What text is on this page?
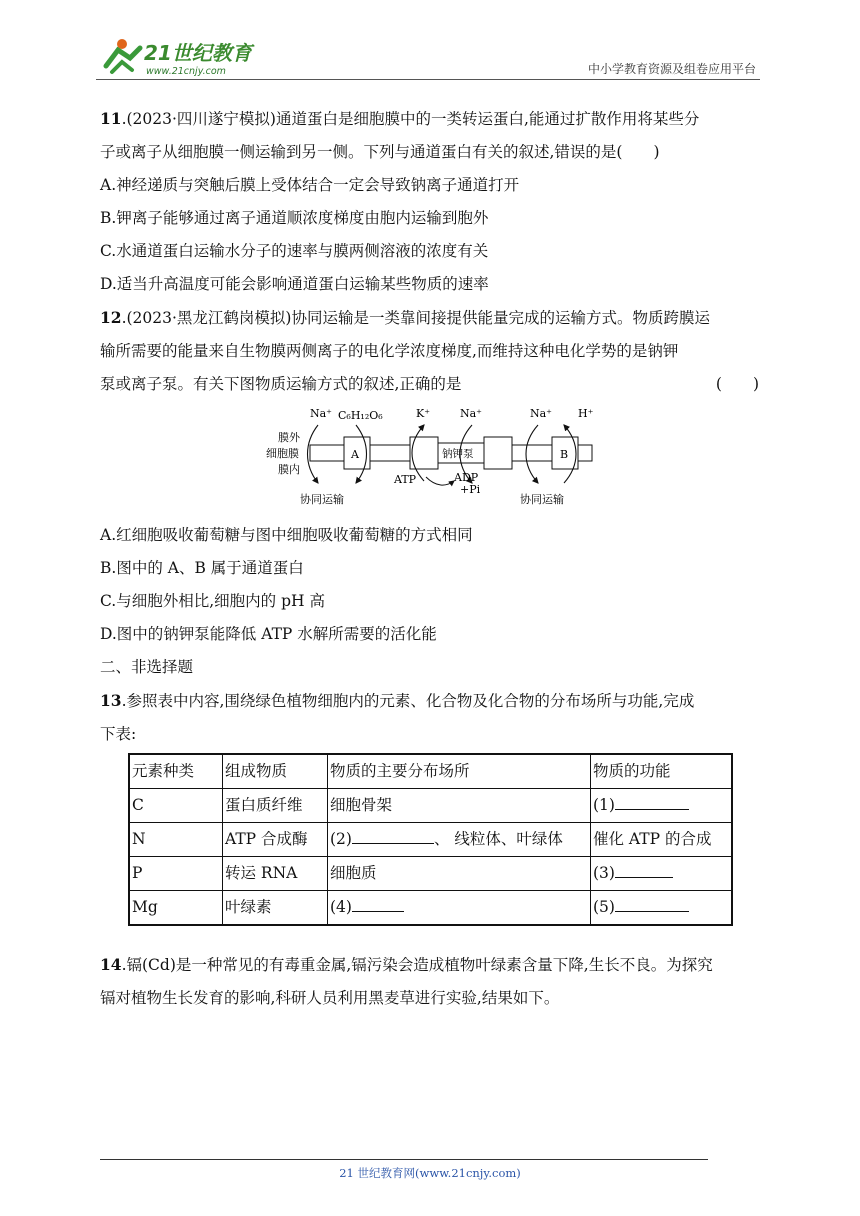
21世纪教育
www.21cnjy.com	中小学教育资源及组卷应用平台
11.(2023·四川遂宁模拟)通道蛋白是细胞膜中的一类转运蛋白,能通过扩散作用将某些分
子或离子从细胞膜一侧运输到另一侧。下列与通道蛋白有关的叙述,错误的是(　　)
A.神经递质与突触后膜上受体结合一定会导致钠离子通道打开
B.钾离子能够通过离子通道顺浓度梯度由胞内运输到胞外
C.水通道蛋白运输水分子的速率与膜两侧溶液的浓度有关
D.适当升高温度可能会影响通道蛋白运输某些物质的速率
12.(2023·黑龙江鹤岗模拟)协同运输是一类靠间接提供能量完成的运输方式。物质跨膜运
输所需要的能量来自生物膜两侧离子的电化学浓度梯度,而维持这种电化学势的是钠钾
泵或离子泵。有关下图物质运输方式的叙述,正确的是	(　　)
膜外
细胞膜
膜内
A	钠钾泵	B
Na⁺ C₆H₁₂O₆	K⁺	Na⁺	Na⁺ H⁺
ATP	ADP
+Pi
协同运输	协同运输
A.红细胞吸收葡萄糖与图中细胞吸收葡萄糖的方式相同
B.图中的 A、B 属于通道蛋白
C.与细胞外相比,细胞内的 pH 高
D.图中的钠钾泵能降低 ATP 水解所需要的活化能
二、非选择题
13.参照表中内容,围绕绿色植物细胞内的元素、化合物及化合物的分布场所与功能,完成
下表:
元素种类	组成物质	物质的主要分布场所	物质的功能
C	蛋白质纤维	细胞骨架	(1)
N	ATP 合成酶	(2) 、 线粒体、叶绿体	催化 ATP 的合成
P	转运 RNA	细胞质	(3)
Mg	叶绿素	(4)	(5)
14.镉(Cd)是一种常见的有毒重金属,镉污染会造成植物叶绿素含量下降,生长不良。为探究
镉对植物生长发育的影响,科研人员利用黑麦草进行实验,结果如下。
21 世纪教育网(www.21cnjy.com)
